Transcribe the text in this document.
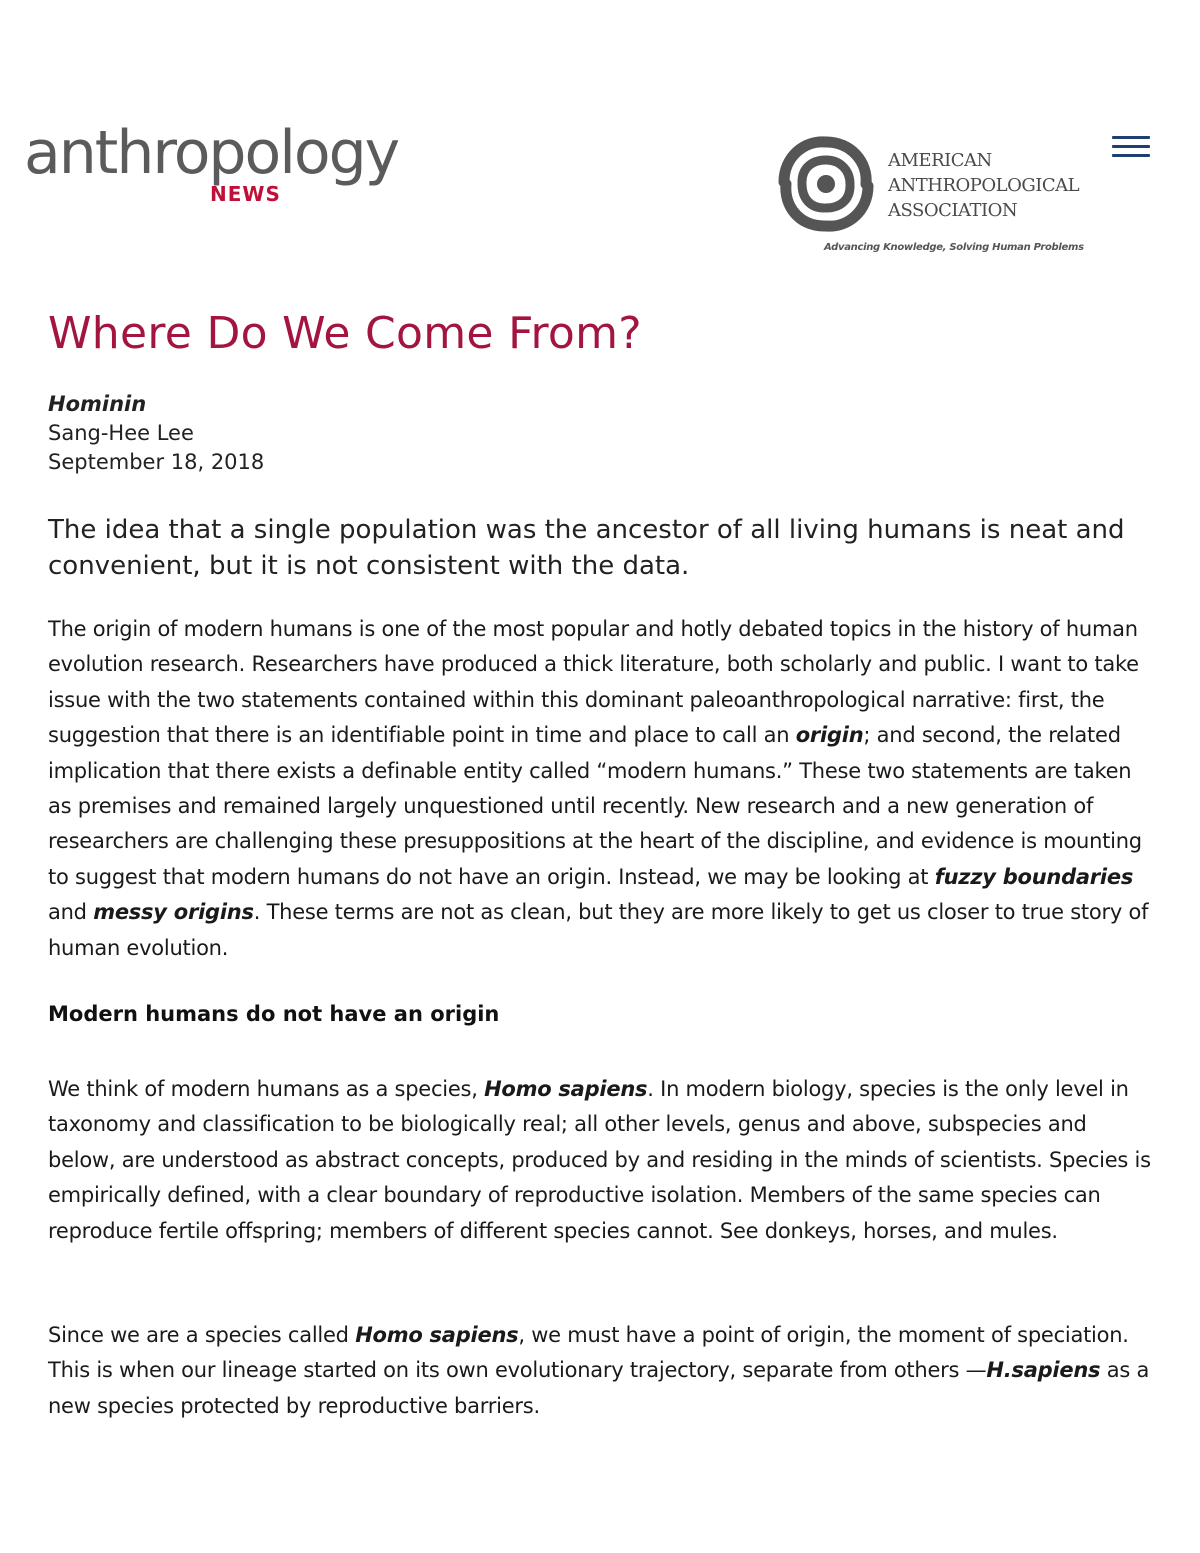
anthropology
NEWS
AMERICAN
ANTHROPOLOGICAL
ASSOCIATION
Advancing Knowledge, Solving Human Problems
Where Do We Come From?
Hominin
Sang-Hee Lee
September 18, 2018

The idea that a single population was the ancestor of all living humans is neat and convenient, but it is not consistent with the data.

The origin of modern humans is one of the most popular and hotly debated topics in the history of human evolution research. Researchers have produced a thick literature, both scholarly and public. I want to take issue with the two statements contained within this dominant paleoanthropological narrative: first, the suggestion that there is an identifiable point in time and place to call an origin; and second, the related implication that there exists a definable entity called “modern humans.” These two statements are taken as premises and remained largely unquestioned until recently. New research and a new generation of researchers are challenging these presuppositions at the heart of the discipline, and evidence is mounting to suggest that modern humans do not have an origin. Instead, we may be looking at fuzzy boundaries and messy origins. These terms are not as clean, but they are more likely to get us closer to true story of human evolution.

Modern humans do not have an origin

We think of modern humans as a species, Homo sapiens. In modern biology, species is the only level in taxonomy and classification to be biologically real; all other levels, genus and above, subspecies and below, are understood as abstract concepts, produced by and residing in the minds of scientists. Species is empirically defined, with a clear boundary of reproductive isolation. Members of the same species can reproduce fertile offspring; members of different species cannot. See donkeys, horses, and mules.

Since we are a species called Homo sapiens, we must have a point of origin, the moment of speciation. This is when our lineage started on its own evolutionary trajectory, separate from others —H.sapiens as a new species protected by reproductive barriers.
